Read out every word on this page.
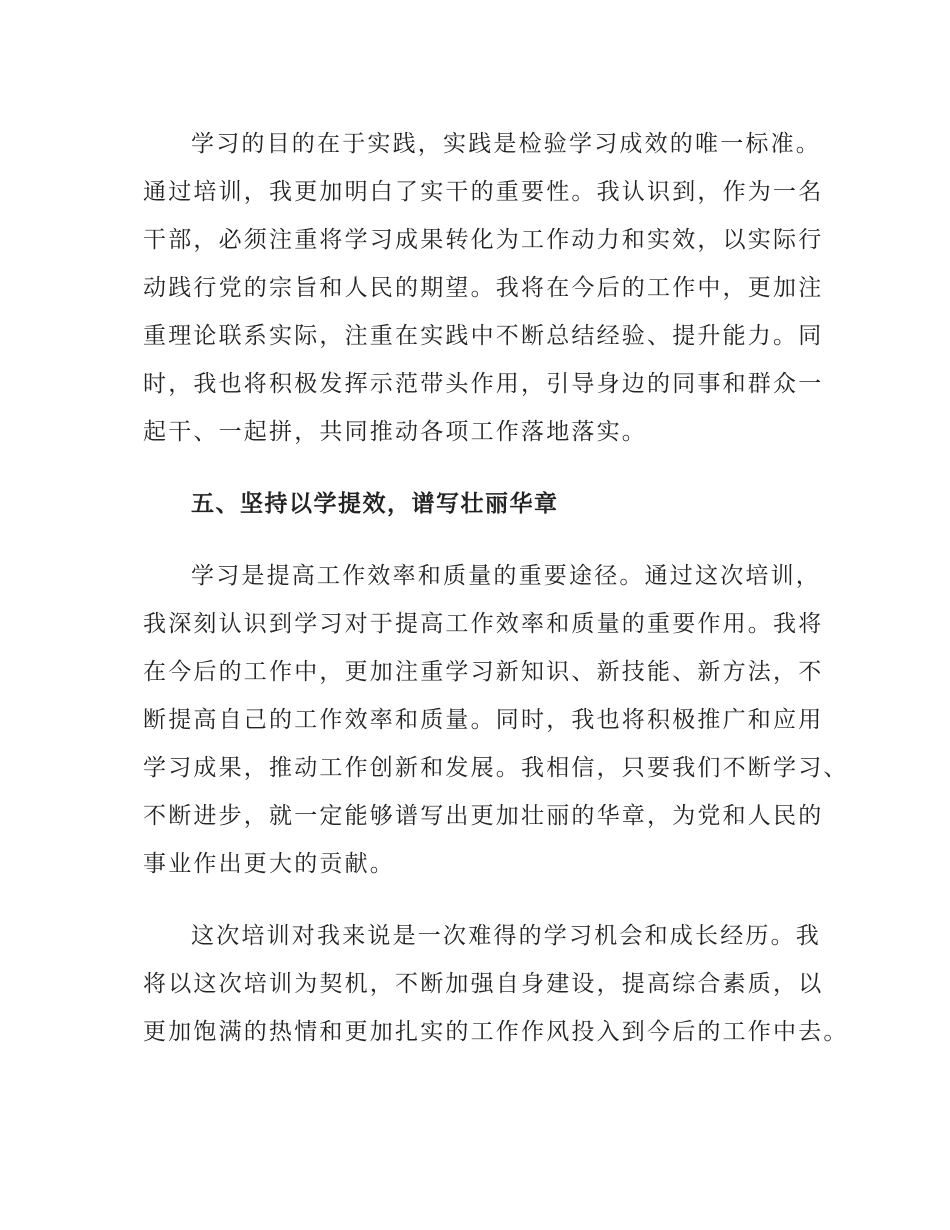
学习的目的在于实践，实践是检验学习成效的唯一标准。
通过培训，我更加明白了实干的重要性。我认识到，作为一名
干部，必须注重将学习成果转化为工作动力和实效，以实际行
动践行党的宗旨和人民的期望。我将在今后的工作中，更加注
重理论联系实际，注重在实践中不断总结经验、提升能力。同
时，我也将积极发挥示范带头作用，引导身边的同事和群众一
起干、一起拼，共同推动各项工作落地落实。
五、坚持以学提效，谱写壮丽华章
学习是提高工作效率和质量的重要途径。通过这次培训，
我深刻认识到学习对于提高工作效率和质量的重要作用。我将
在今后的工作中，更加注重学习新知识、新技能、新方法，不
断提高自己的工作效率和质量。同时，我也将积极推广和应用
学习成果，推动工作创新和发展。我相信，只要我们不断学习、
不断进步，就一定能够谱写出更加壮丽的华章，为党和人民的
事业作出更大的贡献。
这次培训对我来说是一次难得的学习机会和成长经历。我
将以这次培训为契机，不断加强自身建设，提高综合素质，以
更加饱满的热情和更加扎实的工作作风投入到今后的工作中去。
